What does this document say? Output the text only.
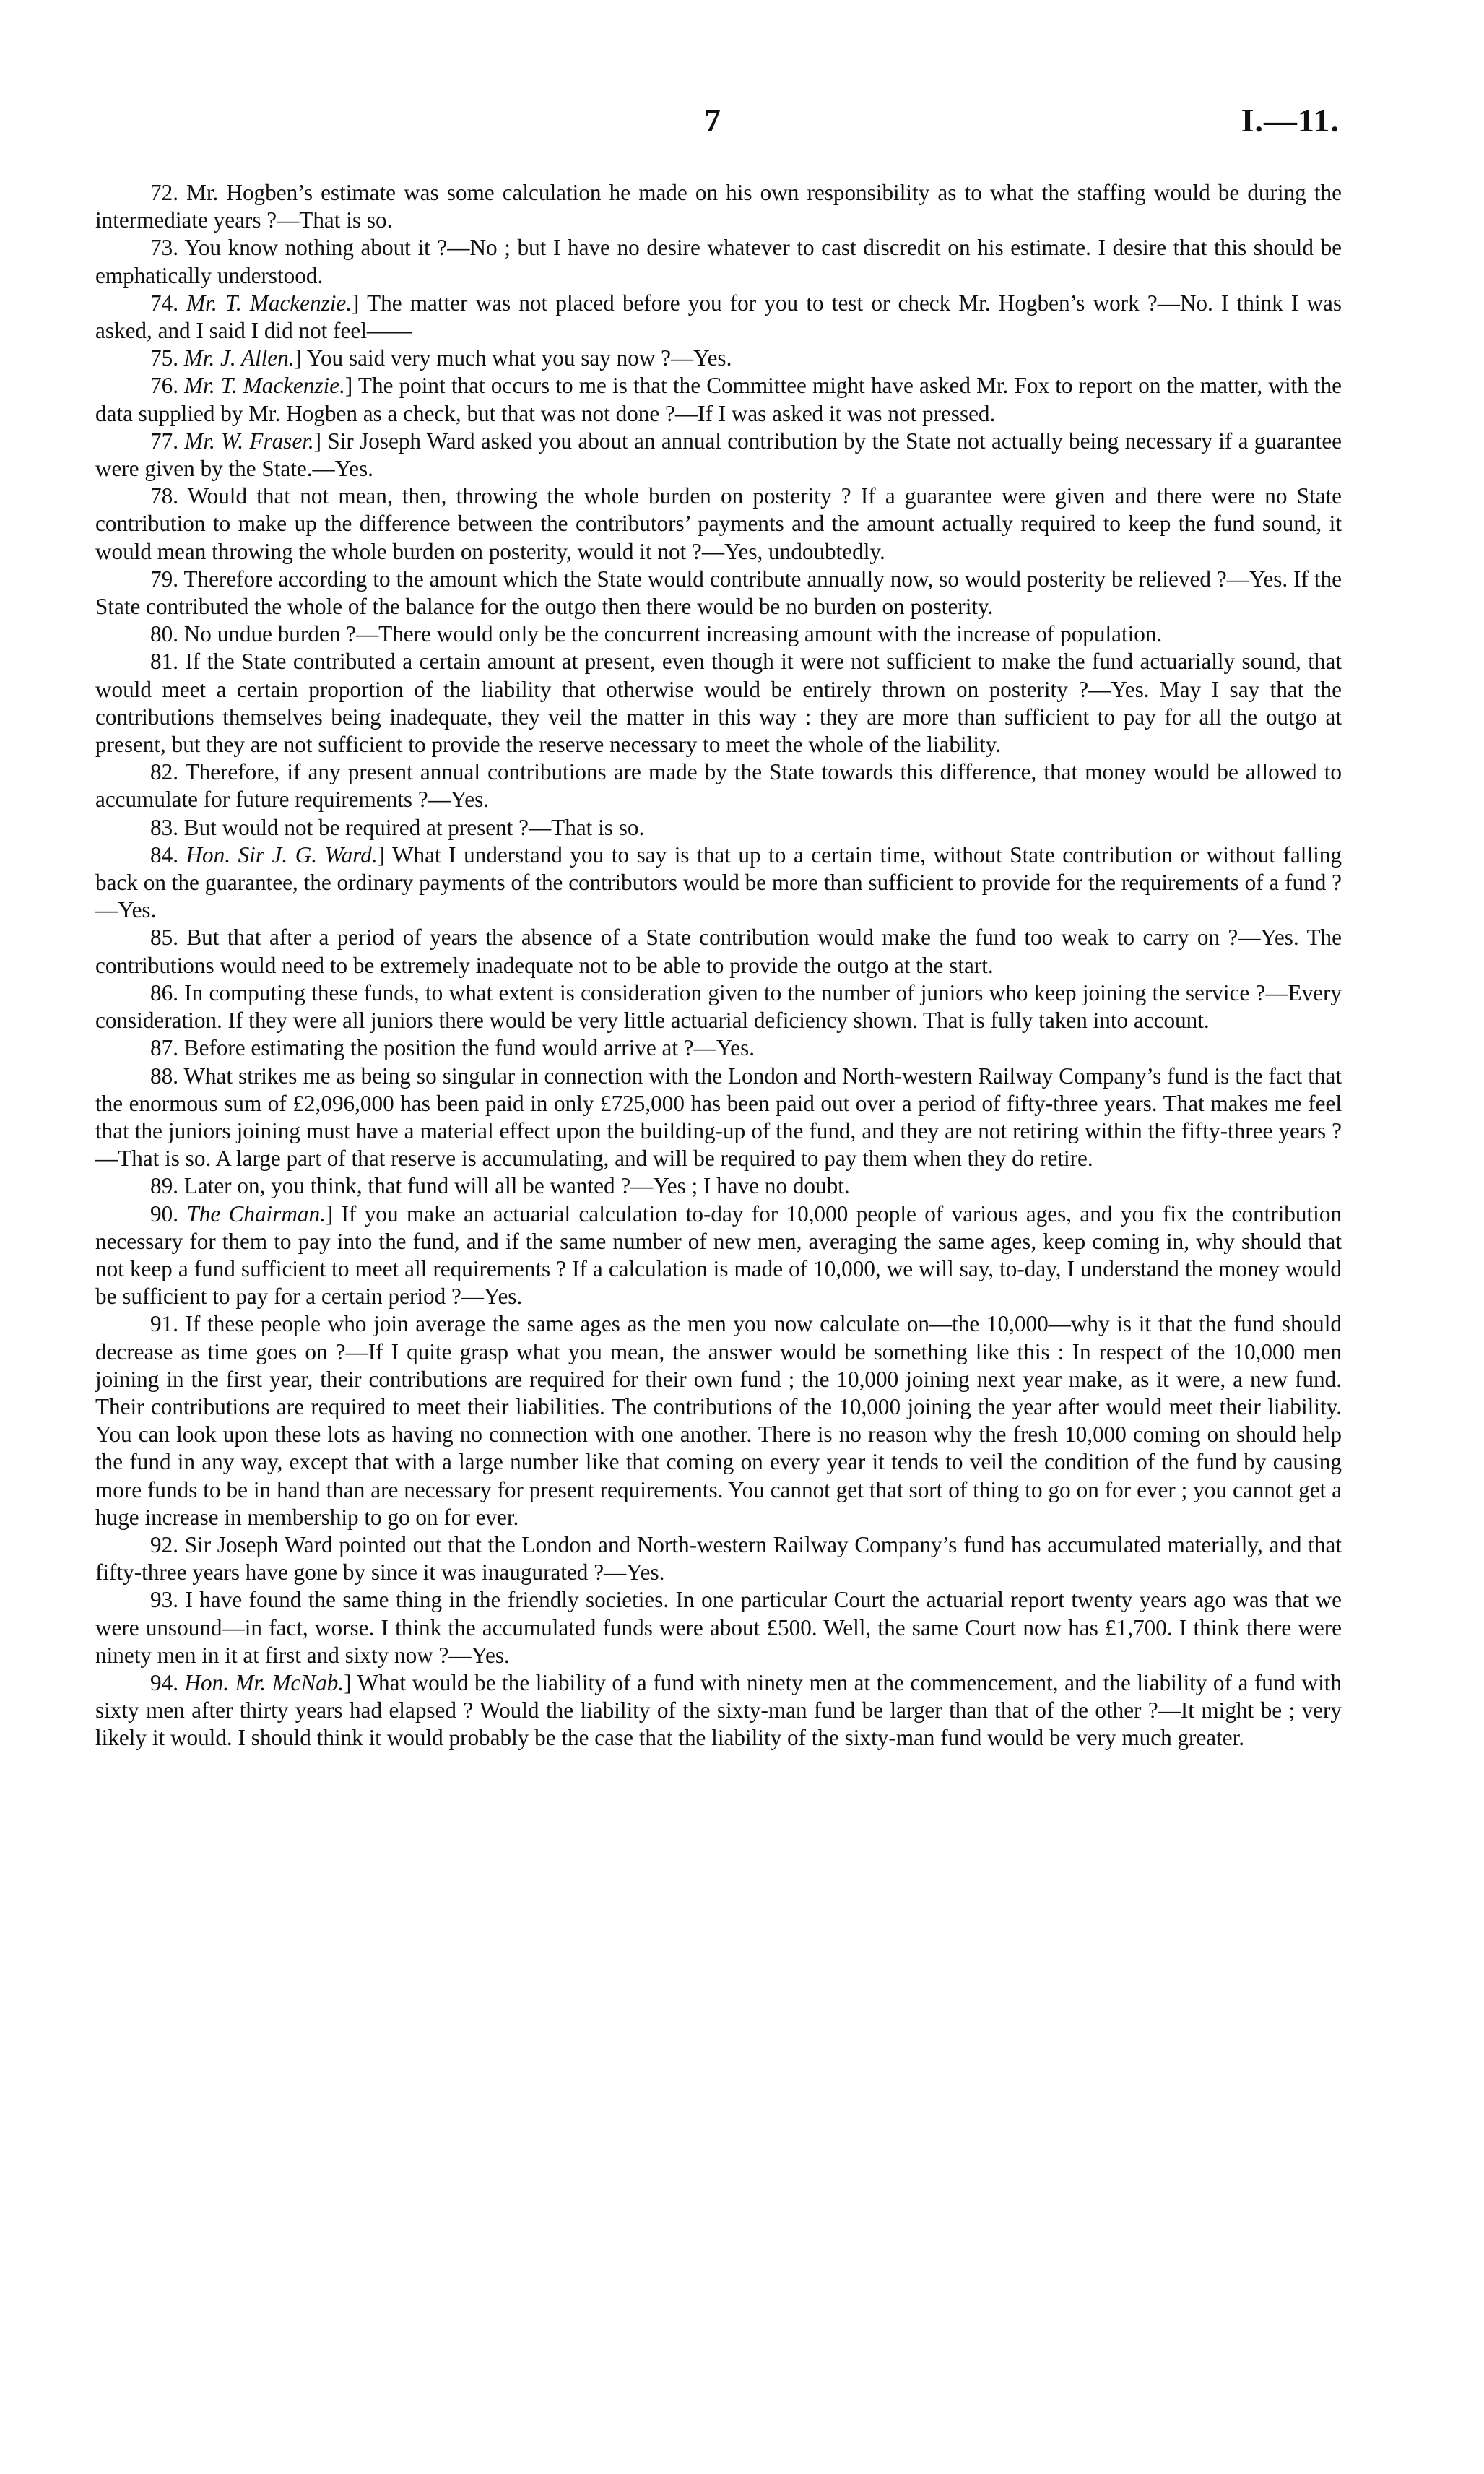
7	I.—11.

72. Mr. Hogben’s estimate was some calculation he made on his own responsibility as to what the staffing would be during the intermediate years ?—That is so.

73. You know nothing about it ?—No ; but I have no desire whatever to cast discredit on his estimate. I desire that this should be emphatically understood.

74. Mr. T. Mackenzie.] The matter was not placed before you for you to test or check Mr. Hogben’s work ?—No. I think I was asked, and I said I did not feel——

75. Mr. J. Allen.] You said very much what you say now ?—Yes.

76. Mr. T. Mackenzie.] The point that occurs to me is that the Committee might have asked Mr. Fox to report on the matter, with the data supplied by Mr. Hogben as a check, but that was not done ?—If I was asked it was not pressed.

77. Mr. W. Fraser.] Sir Joseph Ward asked you about an annual contribution by the State not actually being necessary if a guarantee were given by the State.—Yes.

78. Would that not mean, then, throwing the whole burden on posterity ? If a guarantee were given and there were no State contribution to make up the difference between the contributors’ payments and the amount actually required to keep the fund sound, it would mean throwing the whole burden on posterity, would it not ?—Yes, undoubtedly.

79. Therefore according to the amount which the State would contribute annually now, so would posterity be relieved ?—Yes. If the State contributed the whole of the balance for the outgo then there would be no burden on posterity.

80. No undue burden ?—There would only be the concurrent increasing amount with the increase of population.

81. If the State contributed a certain amount at present, even though it were not sufficient to make the fund actuarially sound, that would meet a certain proportion of the liability that otherwise would be entirely thrown on posterity ?—Yes. May I say that the contributions themselves being inadequate, they veil the matter in this way : they are more than sufficient to pay for all the outgo at present, but they are not sufficient to provide the reserve necessary to meet the whole of the liability.

82. Therefore, if any present annual contributions are made by the State towards this difference, that money would be allowed to accumulate for future requirements ?—Yes.

83. But would not be required at present ?—That is so.

84. Hon. Sir J. G. Ward.] What I understand you to say is that up to a certain time, without State contribution or without falling back on the guarantee, the ordinary payments of the contributors would be more than sufficient to provide for the requirements of a fund ?—Yes.

85. But that after a period of years the absence of a State contribution would make the fund too weak to carry on ?—Yes. The contributions would need to be extremely inadequate not to be able to provide the outgo at the start.

86. In computing these funds, to what extent is consideration given to the number of juniors who keep joining the service ?—Every consideration. If they were all juniors there would be very little actuarial deficiency shown. That is fully taken into account.

87. Before estimating the position the fund would arrive at ?—Yes.

88. What strikes me as being so singular in connection with the London and North-western Railway Company’s fund is the fact that the enormous sum of £2,096,000 has been paid in only £725,000 has been paid out over a period of fifty-three years. That makes me feel that the juniors joining must have a material effect upon the building-up of the fund, and they are not retiring within the fifty-three years ?—That is so. A large part of that reserve is accumulating, and will be required to pay them when they do retire.

89. Later on, you think, that fund will all be wanted ?—Yes ; I have no doubt.

90. The Chairman.] If you make an actuarial calculation to-day for 10,000 people of various ages, and you fix the contribution necessary for them to pay into the fund, and if the same number of new men, averaging the same ages, keep coming in, why should that not keep a fund sufficient to meet all requirements ? If a calculation is made of 10,000, we will say, to-day, I understand the money would be sufficient to pay for a certain period ?—Yes.

91. If these people who join average the same ages as the men you now calculate on—the 10,000—why is it that the fund should decrease as time goes on ?—If I quite grasp what you mean, the answer would be something like this : In respect of the 10,000 men joining in the first year, their contributions are required for their own fund ; the 10,000 joining next year make, as it were, a new fund. Their contributions are required to meet their liabilities. The contributions of the 10,000 joining the year after would meet their liability. You can look upon these lots as having no connection with one another. There is no reason why the fresh 10,000 coming on should help the fund in any way, except that with a large number like that coming on every year it tends to veil the condition of the fund by causing more funds to be in hand than are necessary for present requirements. You cannot get that sort of thing to go on for ever ; you cannot get a huge increase in membership to go on for ever.

92. Sir Joseph Ward pointed out that the London and North-western Railway Company’s fund has accumulated materially, and that fifty-three years have gone by since it was inaugurated ?—Yes.

93. I have found the same thing in the friendly societies. In one particular Court the actuarial report twenty years ago was that we were unsound—in fact, worse. I think the accumulated funds were about £500. Well, the same Court now has £1,700. I think there were ninety men in it at first and sixty now ?—Yes.

94. Hon. Mr. McNab.] What would be the liability of a fund with ninety men at the commencement, and the liability of a fund with sixty men after thirty years had elapsed ? Would the liability of the sixty-man fund be larger than that of the other ?—It might be ; very likely it would. I should think it would probably be the case that the liability of the sixty-man fund would be very much greater.
